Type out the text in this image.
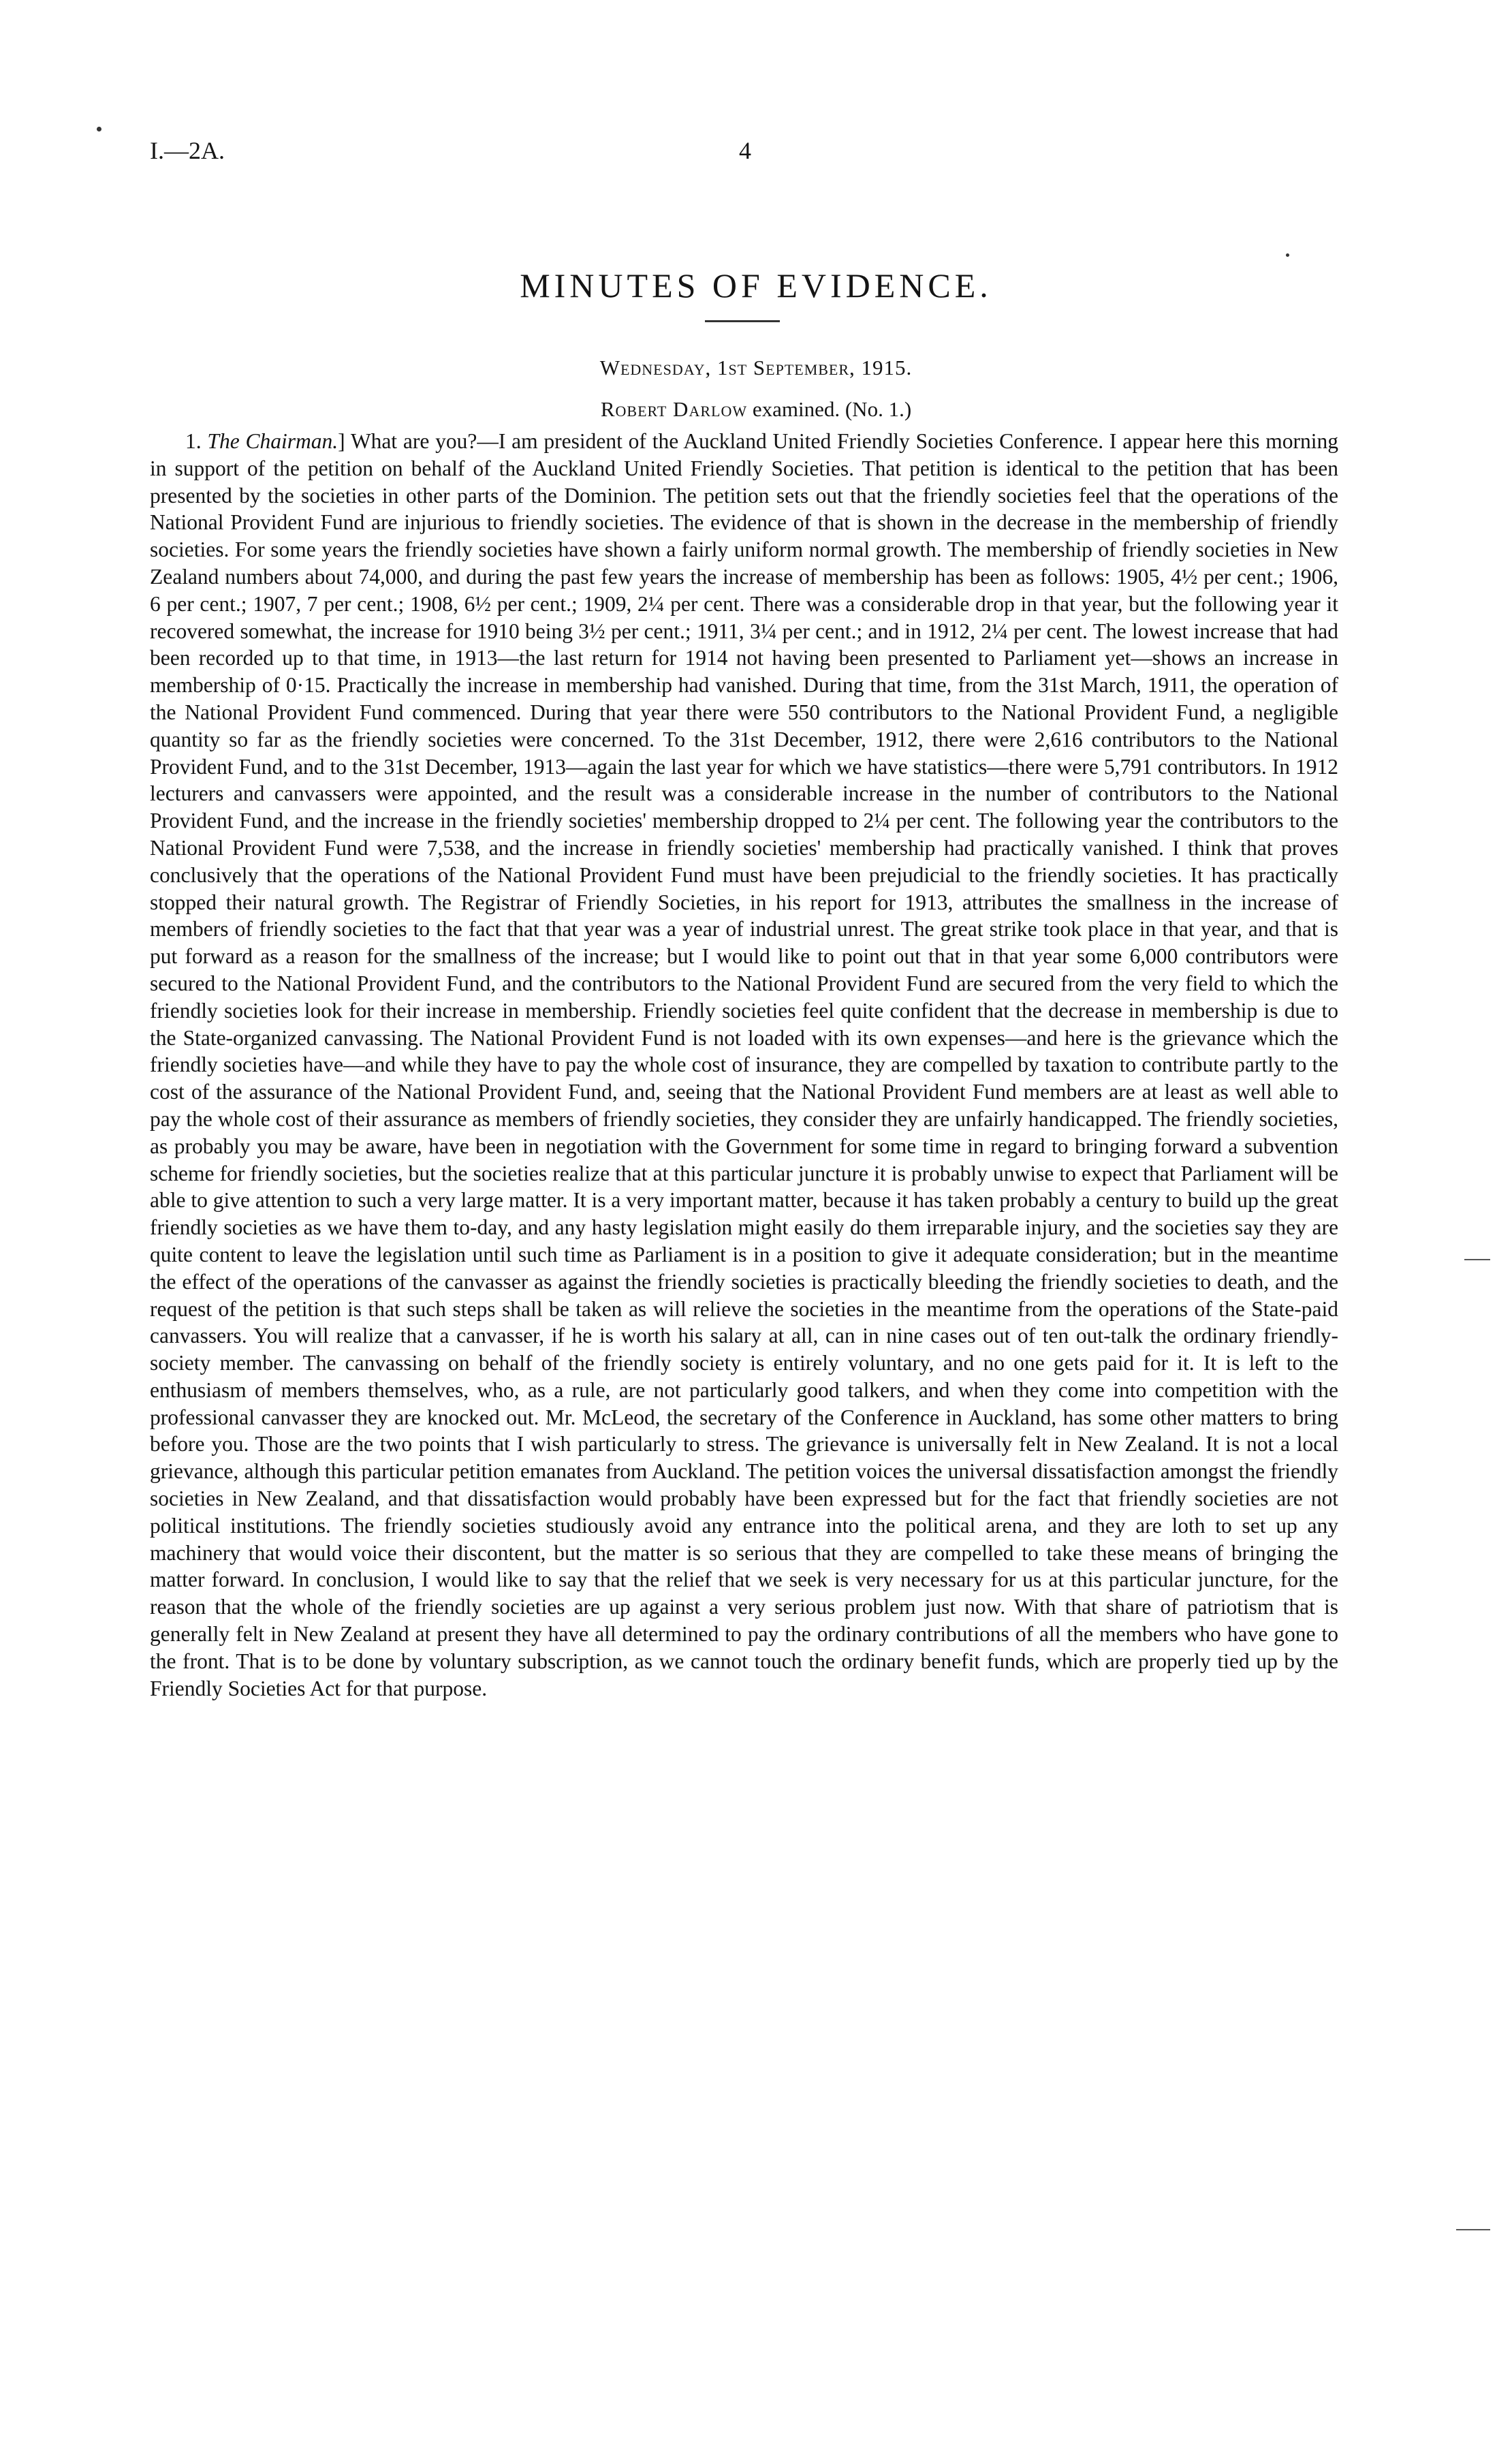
I.—2A.	4
MINUTES OF EVIDENCE.
Wednesday, 1st September, 1915.
Robert Darlow examined. (No. 1.)

1. The Chairman.] What are you?—I am president of the Auckland United Friendly Societies Conference. I appear here this morning in support of the petition on behalf of the Auckland United Friendly Societies. That petition is identical to the petition that has been presented by the societies in other parts of the Dominion. The petition sets out that the friendly societies feel that the operations of the National Provident Fund are injurious to friendly societies. The evidence of that is shown in the decrease in the membership of friendly societies. For some years the friendly societies have shown a fairly uniform normal growth. The membership of friendly societies in New Zealand numbers about 74,000, and during the past few years the increase of membership has been as follows: 1905, 4½ per cent.; 1906, 6 per cent.; 1907, 7 per cent.; 1908, 6½ per cent.; 1909, 2¼ per cent. There was a considerable drop in that year, but the following year it recovered somewhat, the increase for 1910 being 3½ per cent.; 1911, 3¼ per cent.; and in 1912, 2¼ per cent. The lowest increase that had been recorded up to that time, in 1913—the last return for 1914 not having been presented to Parliament yet—shows an increase in membership of 0·15. Practically the increase in membership had vanished. During that time, from the 31st March, 1911, the operation of the National Provident Fund commenced. During that year there were 550 contributors to the National Provident Fund, a negligible quantity so far as the friendly societies were concerned. To the 31st December, 1912, there were 2,616 contributors to the National Provident Fund, and to the 31st December, 1913—again the last year for which we have statistics—there were 5,791 contributors. In 1912 lecturers and canvassers were appointed, and the result was a considerable increase in the number of contributors to the National Provident Fund, and the increase in the friendly societies' membership dropped to 2¼ per cent. The following year the contributors to the National Provident Fund were 7,538, and the increase in friendly societies' membership had practically vanished. I think that proves conclusively that the operations of the National Provident Fund must have been prejudicial to the friendly societies. It has practically stopped their natural growth. The Registrar of Friendly Societies, in his report for 1913, attributes the smallness in the increase of members of friendly societies to the fact that that year was a year of industrial unrest. The great strike took place in that year, and that is put forward as a reason for the smallness of the increase; but I would like to point out that in that year some 6,000 contributors were secured to the National Provident Fund, and the contributors to the National Provident Fund are secured from the very field to which the friendly societies look for their increase in membership. Friendly societies feel quite confident that the decrease in membership is due to the State-organized canvassing. The National Provident Fund is not loaded with its own expenses—and here is the grievance which the friendly societies have—and while they have to pay the whole cost of insurance, they are compelled by taxation to contribute partly to the cost of the assurance of the National Provident Fund, and, seeing that the National Provident Fund members are at least as well able to pay the whole cost of their assurance as members of friendly societies, they consider they are unfairly handicapped. The friendly societies, as probably you may be aware, have been in negotiation with the Government for some time in regard to bringing forward a subvention scheme for friendly societies, but the societies realize that at this particular juncture it is probably unwise to expect that Parliament will be able to give attention to such a very large matter. It is a very important matter, because it has taken probably a century to build up the great friendly societies as we have them to-day, and any hasty legislation might easily do them irreparable injury, and the societies say they are quite content to leave the legislation until such time as Parliament is in a position to give it adequate consideration; but in the meantime the effect of the operations of the canvasser as against the friendly societies is practically bleeding the friendly societies to death, and the request of the petition is that such steps shall be taken as will relieve the societies in the meantime from the operations of the State-paid canvassers. You will realize that a canvasser, if he is worth his salary at all, can in nine cases out of ten out-talk the ordinary friendly-society member. The canvassing on behalf of the friendly society is entirely voluntary, and no one gets paid for it. It is left to the enthusiasm of members themselves, who, as a rule, are not particularly good talkers, and when they come into competition with the professional canvasser they are knocked out. Mr. McLeod, the secretary of the Conference in Auckland, has some other matters to bring before you. Those are the two points that I wish particularly to stress. The grievance is universally felt in New Zealand. It is not a local grievance, although this particular petition emanates from Auckland. The petition voices the universal dissatisfaction amongst the friendly societies in New Zealand, and that dissatisfaction would probably have been expressed but for the fact that friendly societies are not political institutions. The friendly societies studiously avoid any entrance into the political arena, and they are loth to set up any machinery that would voice their discontent, but the matter is so serious that they are compelled to take these means of bringing the matter forward. In conclusion, I would like to say that the relief that we seek is very necessary for us at this particular juncture, for the reason that the whole of the friendly societies are up against a very serious problem just now. With that share of patriotism that is generally felt in New Zealand at present they have all determined to pay the ordinary contributions of all the members who have gone to the front. That is to be done by voluntary subscription, as we cannot touch the ordinary benefit funds, which are properly tied up by the Friendly Societies Act for that purpose.
